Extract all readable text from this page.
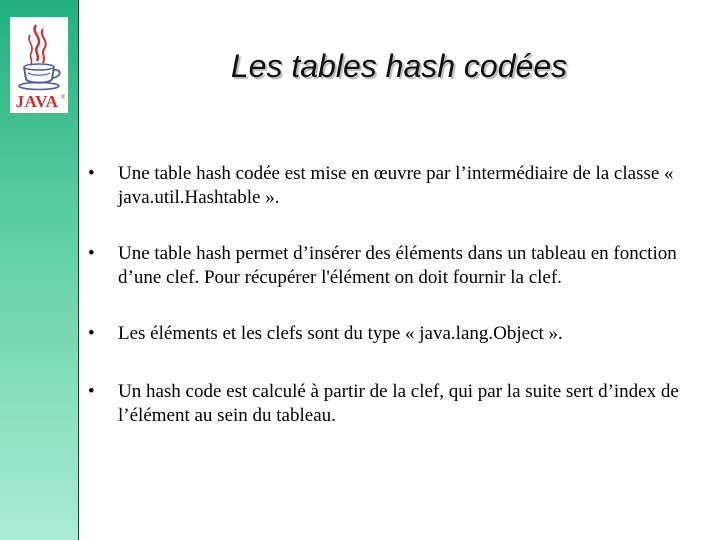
JAVA ®
Les tables hash codées
• Une table hash codée est mise en œuvre par l’intermédiaire de la classe « java.util.Hashtable ».
• Une table hash permet d’insérer des éléments dans un tableau en fonction d’une clef. Pour récupérer l'élément on doit fournir la clef.
• Les éléments et les clefs sont du type « java.lang.Object ».
• Un hash code est calculé à partir de la clef, qui par la suite sert d’index de l’élément au sein du tableau.
